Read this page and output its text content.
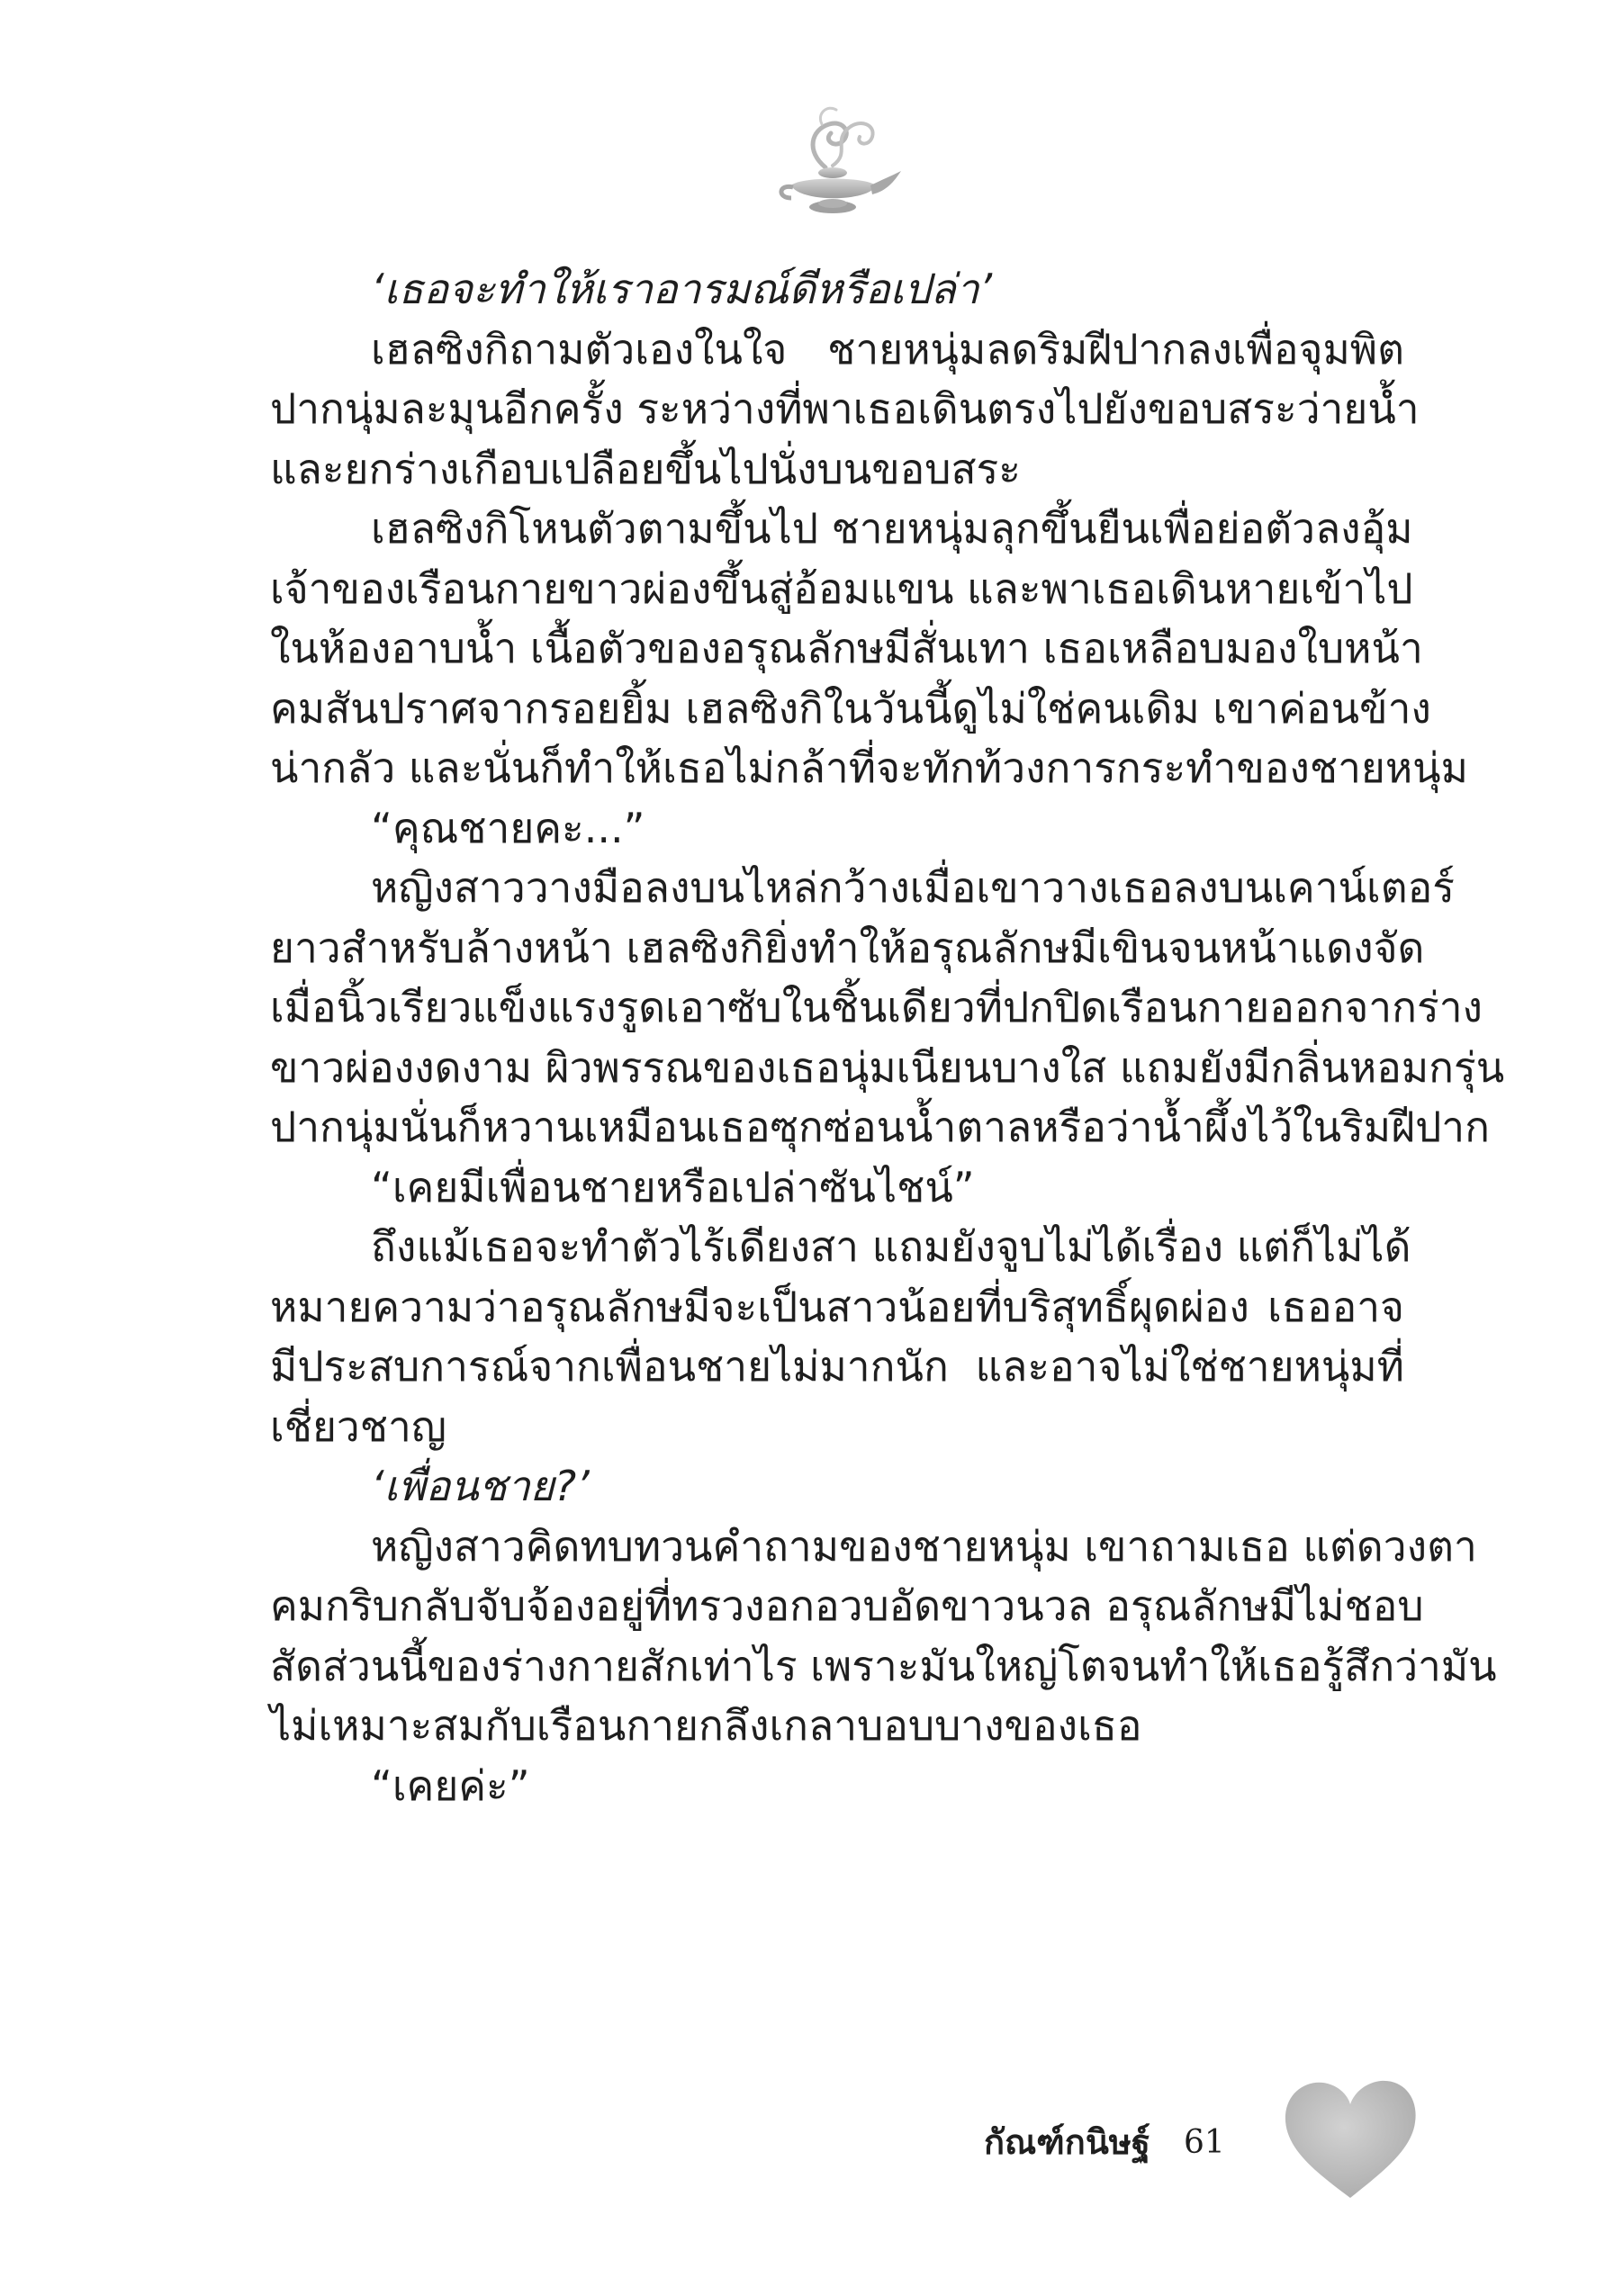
‘เธอจะทำให้เราอารมณ์ดีหรือเปล่า’
เฮลซิงกิถามตัวเองในใจ ชายหนุ่มลดริมฝีปากลงเพื่อจุมพิต
ปากนุ่มละมุนอีกครั้ง ระหว่างที่พาเธอเดินตรงไปยังขอบสระว่ายน้ำ
และยกร่างเกือบเปลือยขึ้นไปนั่งบนขอบสระ
เฮลซิงกิโหนตัวตามขึ้นไป ชายหนุ่มลุกขึ้นยืนเพื่อย่อตัวลงอุ้ม
เจ้าของเรือนกายขาวผ่องขึ้นสู่อ้อมแขน และพาเธอเดินหายเข้าไป
ในห้องอาบน้ำ เนื้อตัวของอรุณลักษมีสั่นเทา เธอเหลือบมองใบหน้า
คมสันปราศจากรอยยิ้ม เฮลซิงกิในวันนี้ดูไม่ใช่คนเดิม เขาค่อนข้าง
น่ากลัว และนั่นก็ทำให้เธอไม่กล้าที่จะทักท้วงการกระทำของชายหนุ่ม
“คุณชายคะ...”
หญิงสาววางมือลงบนไหล่กว้างเมื่อเขาวางเธอลงบนเคาน์เตอร์
ยาวสำหรับล้างหน้า เฮลซิงกิยิ่งทำให้อรุณลักษมีเขินจนหน้าแดงจัด
เมื่อนิ้วเรียวแข็งแรงรูดเอาซับในชิ้นเดียวที่ปกปิดเรือนกายออกจากร่าง
ขาวผ่องงดงาม ผิวพรรณของเธอนุ่มเนียนบางใส แถมยังมีกลิ่นหอมกรุ่น
ปากนุ่มนั่นก็หวานเหมือนเธอซุกซ่อนน้ำตาลหรือว่าน้ำผึ้งไว้ในริมฝีปาก
“เคยมีเพื่อนชายหรือเปล่าซันไชน์”
ถึงแม้เธอจะทำตัวไร้เดียงสา แถมยังจูบไม่ได้เรื่อง แต่ก็ไม่ได้
หมายความว่าอรุณลักษมีจะเป็นสาวน้อยที่บริสุทธิ์ผุดผ่อง เธออาจ
มีประสบการณ์จากเพื่อนชายไม่มากนัก และอาจไม่ใช่ชายหนุ่มที่
เชี่ยวชาญ
‘เพื่อนชาย?’
หญิงสาวคิดทบทวนคำถามของชายหนุ่ม เขาถามเธอ แต่ดวงตา
คมกริบกลับจับจ้องอยู่ที่ทรวงอกอวบอัดขาวนวล อรุณลักษมีไม่ชอบ
สัดส่วนนี้ของร่างกายสักเท่าไร เพราะมันใหญ่โตจนทำให้เธอรู้สึกว่ามัน
ไม่เหมาะสมกับเรือนกายกลึงเกลาบอบบางของเธอ
“เคยค่ะ”
กัณฑ์กนิษฐ์ 61
